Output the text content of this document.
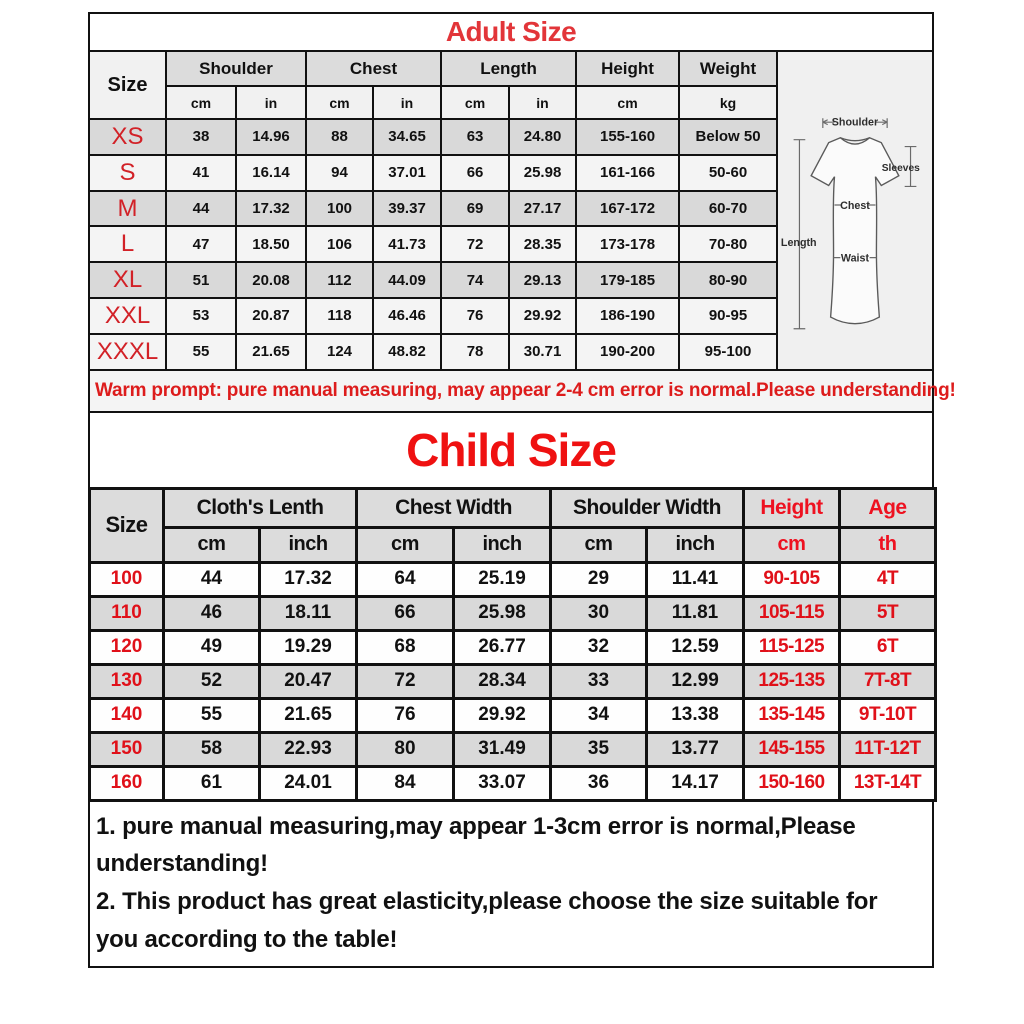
Adult Size
Size	Shoulder		Chest		Length		Height	Weight
	cm	in	cm	in	cm	in	cm	kg
XS	38	14.96	88	34.65	63	24.80	155-160	Below 50
S	41	16.14	94	37.01	66	25.98	161-166	50-60
M	44	17.32	100	39.37	69	27.17	167-172	60-70
L	47	18.50	106	41.73	72	28.35	173-178	70-80
XL	51	20.08	112	44.09	74	29.13	179-185	80-90
XXL	53	20.87	118	46.46	76	29.92	186-190	90-95
XXXL	55	21.65	124	48.82	78	30.71	190-200	95-100
Shoulder
Sleeves
Chest
Waist
Length
Warm prompt: pure manual measuring, may appear 2-4 cm error is normal.Please understanding!
Child Size
Size	Cloth's Lenth		Chest Width		Shoulder Width		Height	Age
	cm	inch	cm	inch	cm	inch	cm	th
100	44	17.32	64	25.19	29	11.41	90-105	4T
110	46	18.11	66	25.98	30	11.81	105-115	5T
120	49	19.29	68	26.77	32	12.59	115-125	6T
130	52	20.47	72	28.34	33	12.99	125-135	7T-8T
140	55	21.65	76	29.92	34	13.38	135-145	9T-10T
150	58	22.93	80	31.49	35	13.77	145-155	11T-12T
160	61	24.01	84	33.07	36	14.17	150-160	13T-14T

1. pure manual measuring,may appear 1-3cm error is normal,Please understanding!

2. This product has great elasticity,please choose the size suitable for you according to the table!
